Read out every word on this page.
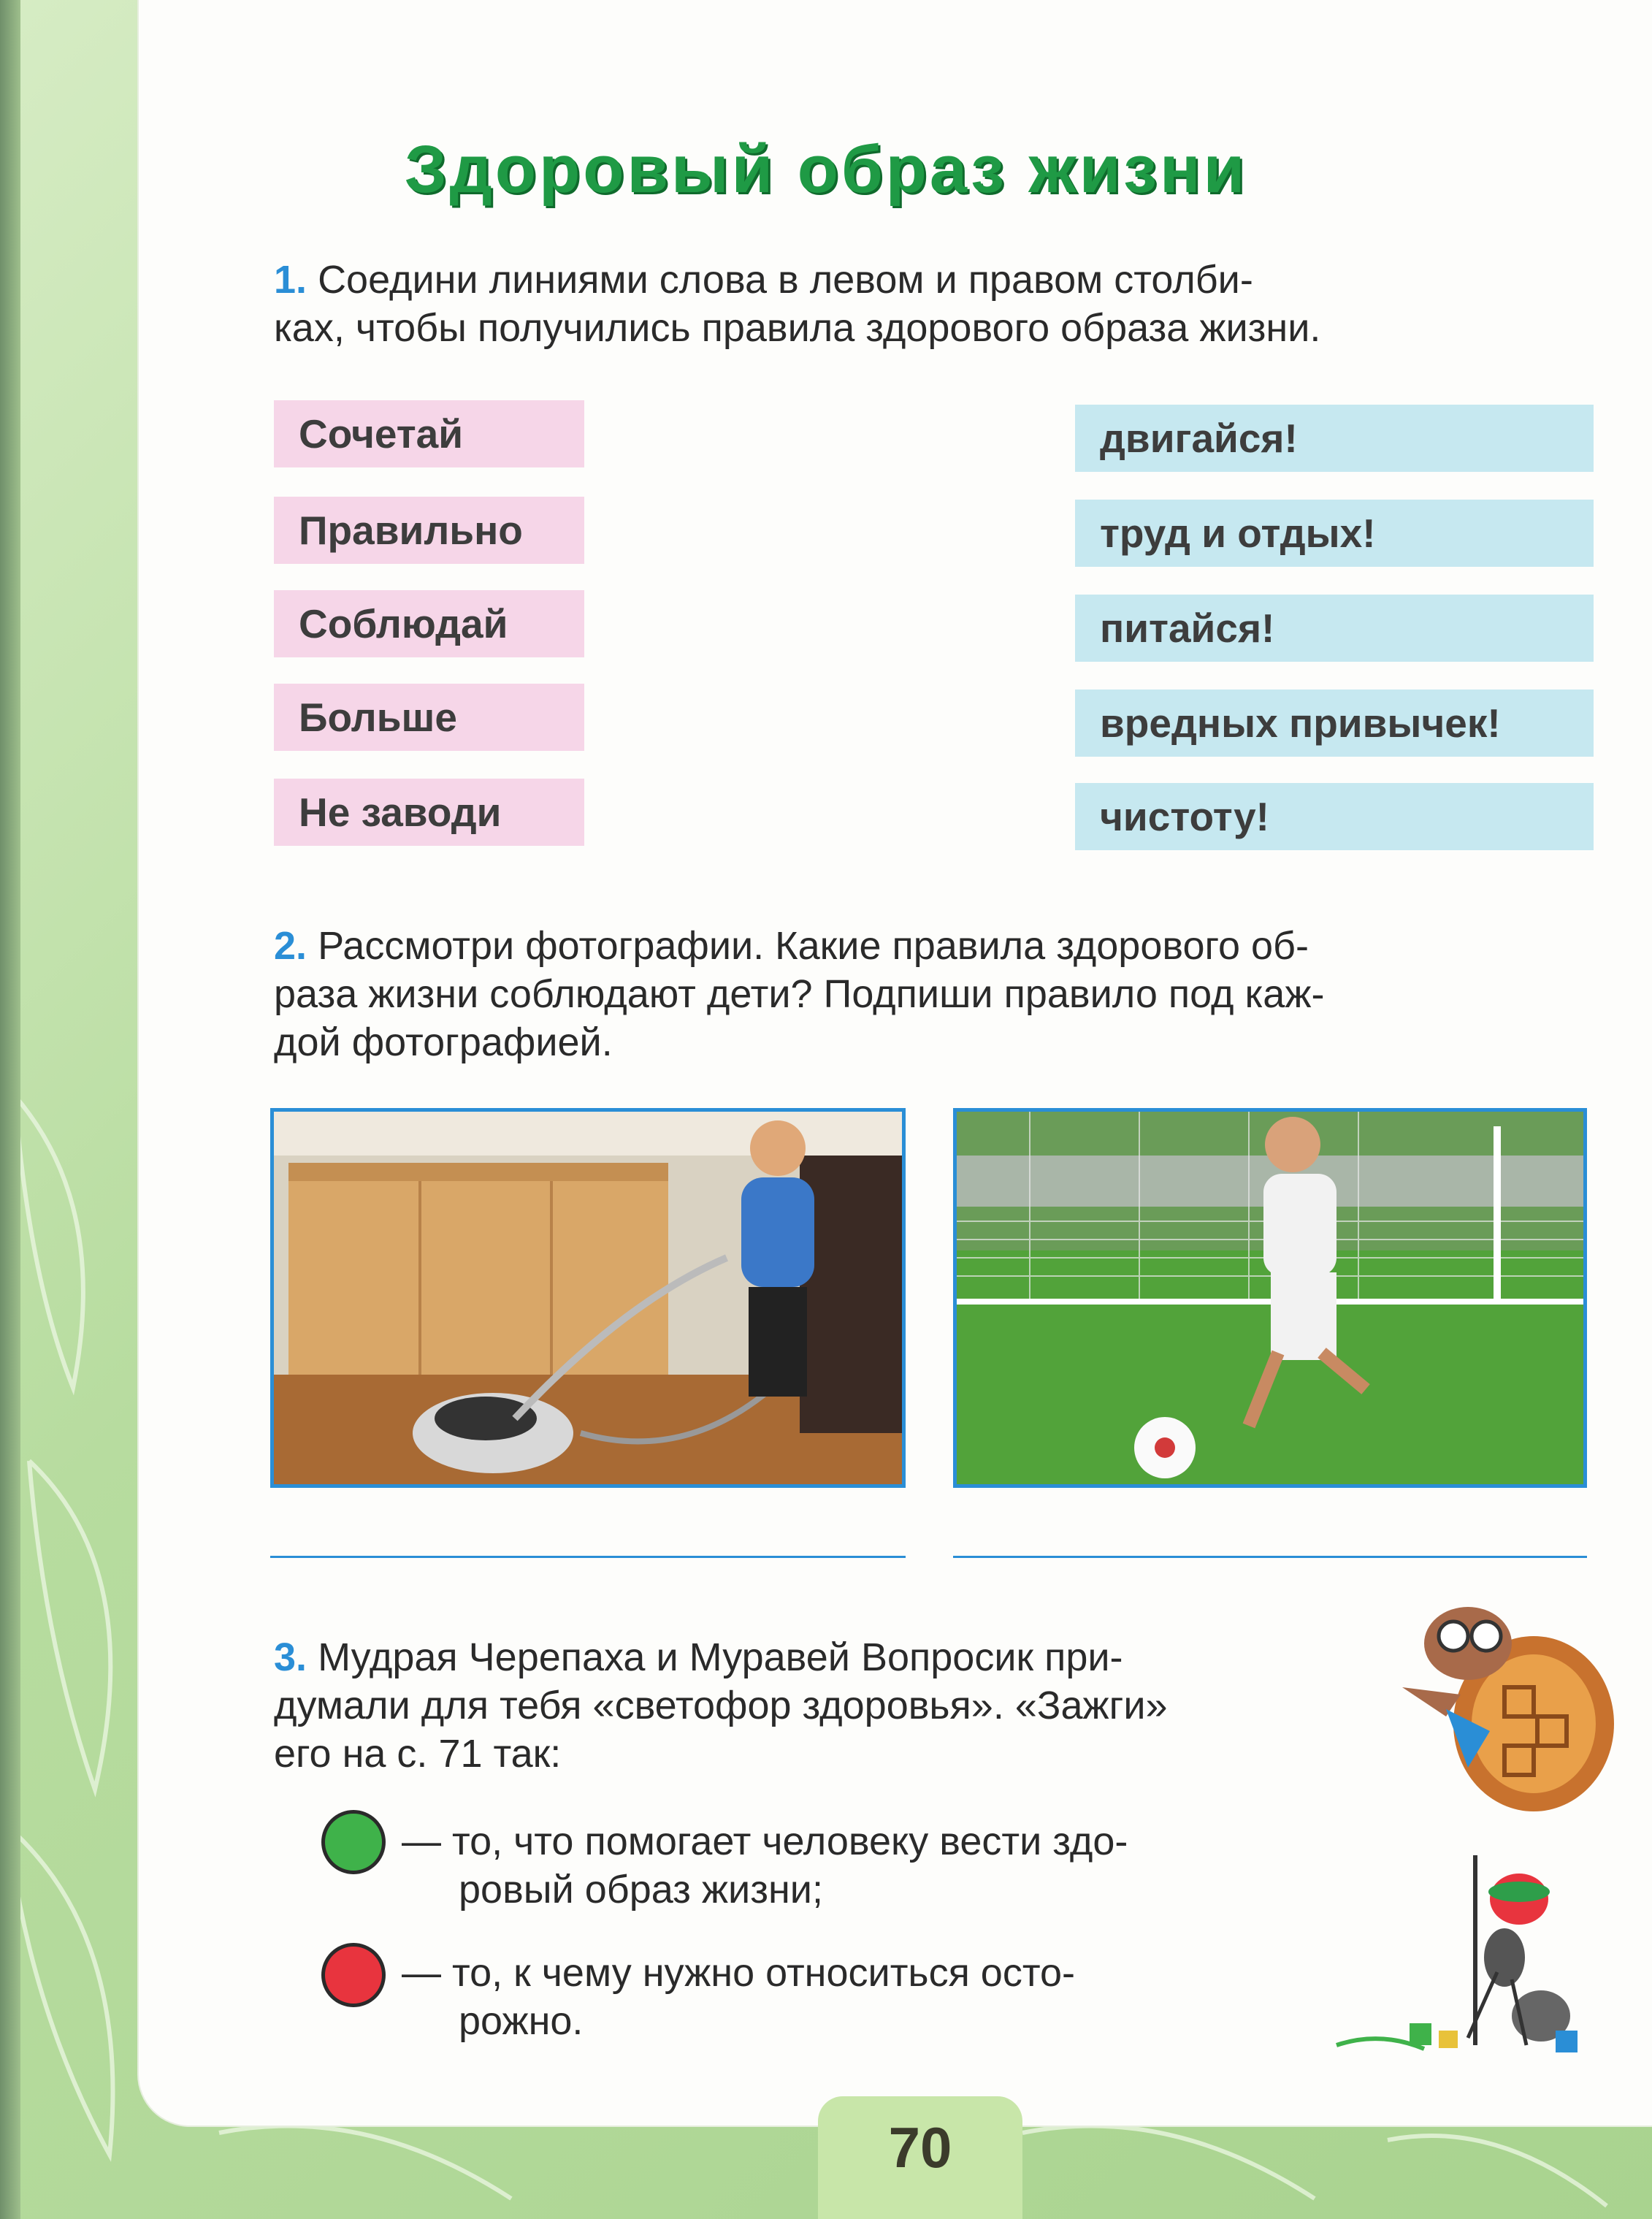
Здоровый образ жизни
1. Соедини линиями слова в левом и правом столби-
ках, чтобы получились правила здорового образа жизни.
Сочетай
Правильно
Соблюдай
Больше
Не заводи
двигайся!
труд и отдых!
питайся!
вредных привычек!
чистоту!
2. Рассмотри фотографии. Какие правила здорового об-
раза жизни соблюдают дети? Подпиши правило под каж-
дой фотографией.
3. Мудрая Черепаха и Муравей Вопросик при-
думали для тебя «светофор здоровья». «Зажги»
его на с. 71 так:
— то, что помогает человеку вести здо-
ровый образ жизни;
— то, к чему нужно относиться осто-
рожно.
70
